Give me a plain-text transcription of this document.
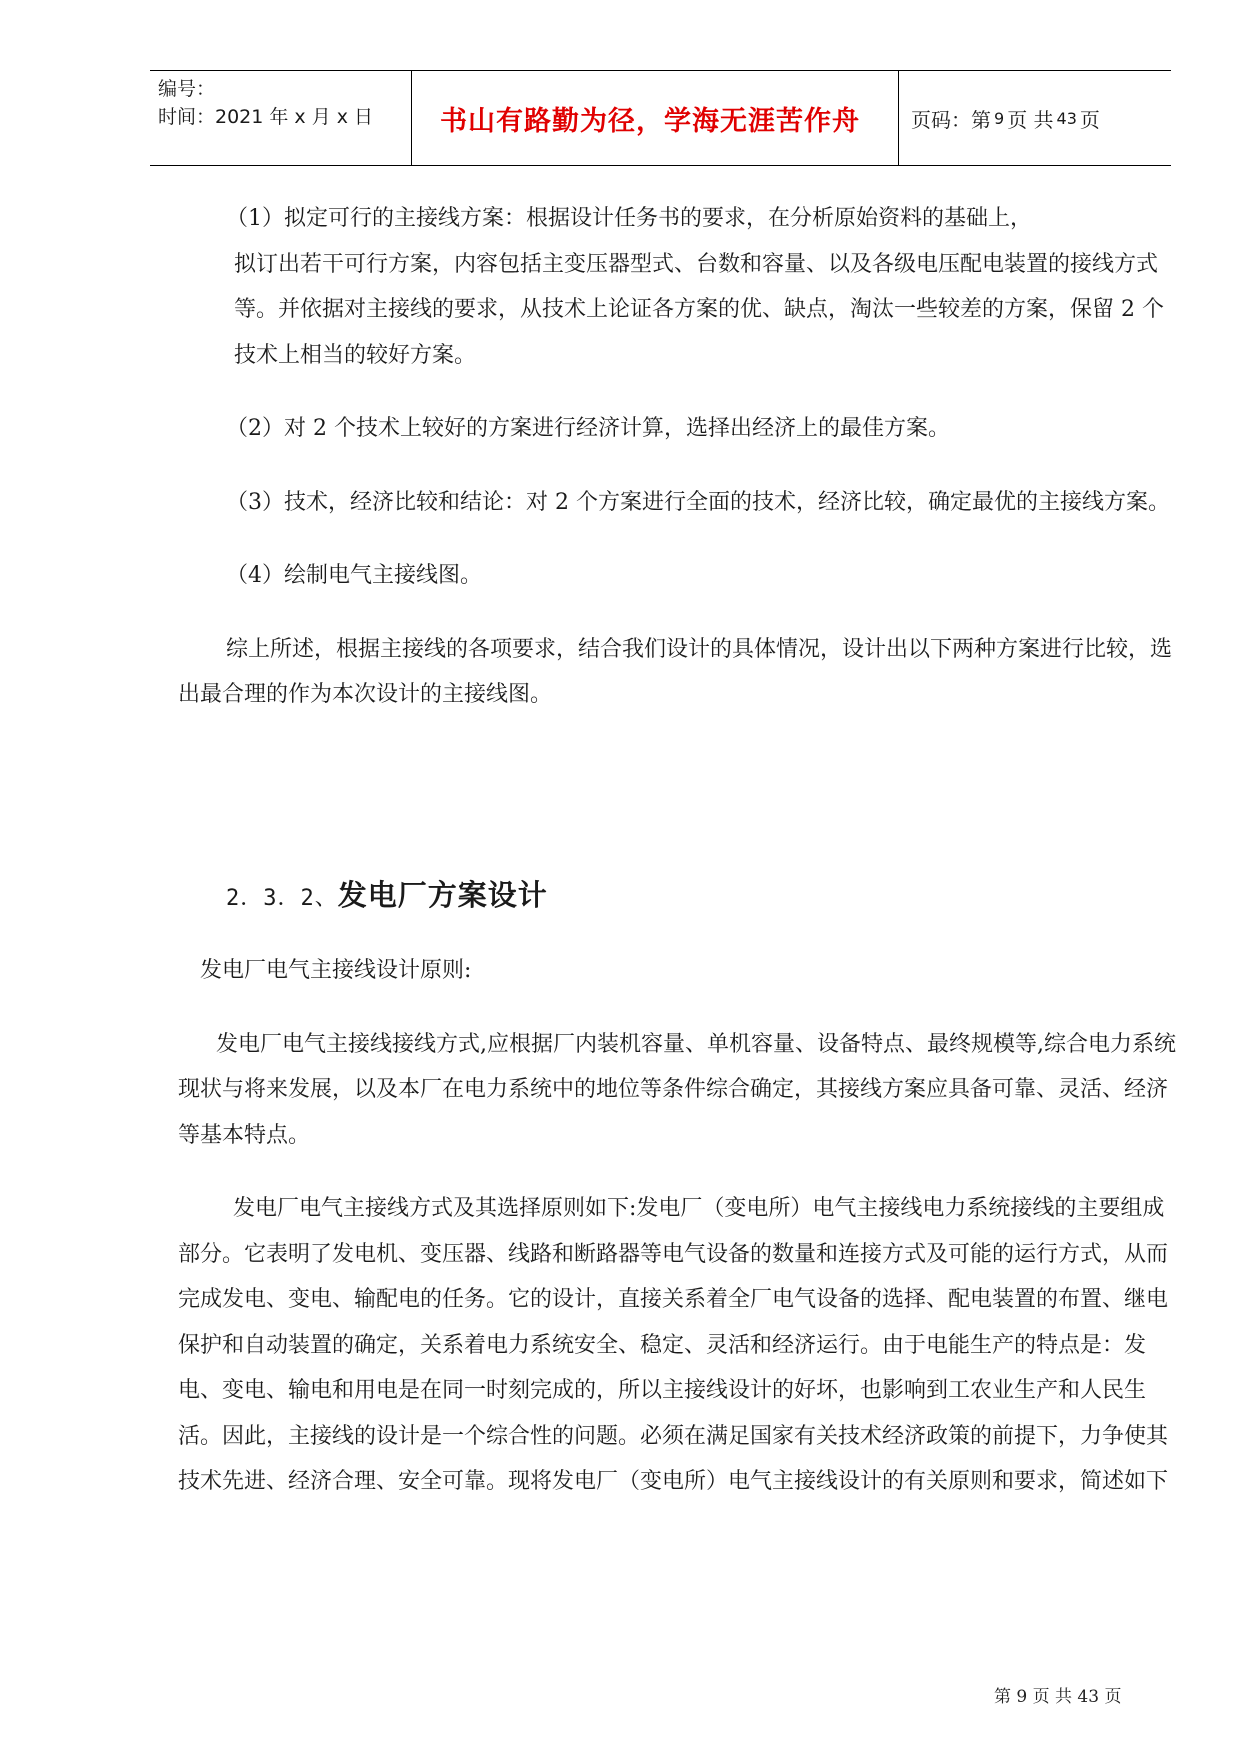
编号：
时间：2021 年 x 月 x 日	书山有路勤为径，学海无涯苦作舟	页码：第 9 页 共 43 页

（1）拟定可行的主接线方案：根据设计任务书的要求，在分析原始资料的基础上，
拟订出若干可行方案，内容包括主变压器型式、台数和容量、以及各级电压配电装置的接线方式等。并依据对主接线的要求，从技术上论证各方案的优、缺点，淘汰一些较差的方案，保留 2 个技术上相当的较好方案。

（2）对 2 个技术上较好的方案进行经济计算，选择出经济上的最佳方案。

（3）技术，经济比较和结论：对 2 个方案进行全面的技术，经济比较，确定最优的主接线方案。

（4）绘制电气主接线图。

综上所述，根据主接线的各项要求，结合我们设计的具体情况，设计出以下两种方案进行比较，选出最合理的作为本次设计的主接线图。

2．3．2、发电厂方案设计

发电厂电气主接线设计原则:

发电厂电气主接线接线方式,应根据厂内装机容量、单机容量、设备特点、最终规模等,综合电力系统现状与将来发展，以及本厂在电力系统中的地位等条件综合确定，其接线方案应具备可靠、灵活、经济等基本特点。

发电厂电气主接线方式及其选择原则如下:发电厂（变电所）电气主接线电力系统接线的主要组成部分。它表明了发电机、变压器、线路和断路器等电气设备的数量和连接方式及可能的运行方式，从而完成发电、变电、输配电的任务。它的设计，直接关系着全厂电气设备的选择、配电装置的布置、继电保护和自动装置的确定，关系着电力系统安全、稳定、灵活和经济运行。由于电能生产的特点是：发电、变电、输电和用电是在同一时刻完成的，所以主接线设计的好坏，也影响到工农业生产和人民生活。因此，主接线的设计是一个综合性的问题。必须在满足国家有关技术经济政策的前提下，力争使其技术先进、经济合理、安全可靠。现将发电厂（变电所）电气主接线设计的有关原则和要求，简述如下

第 9 页 共 43 页
